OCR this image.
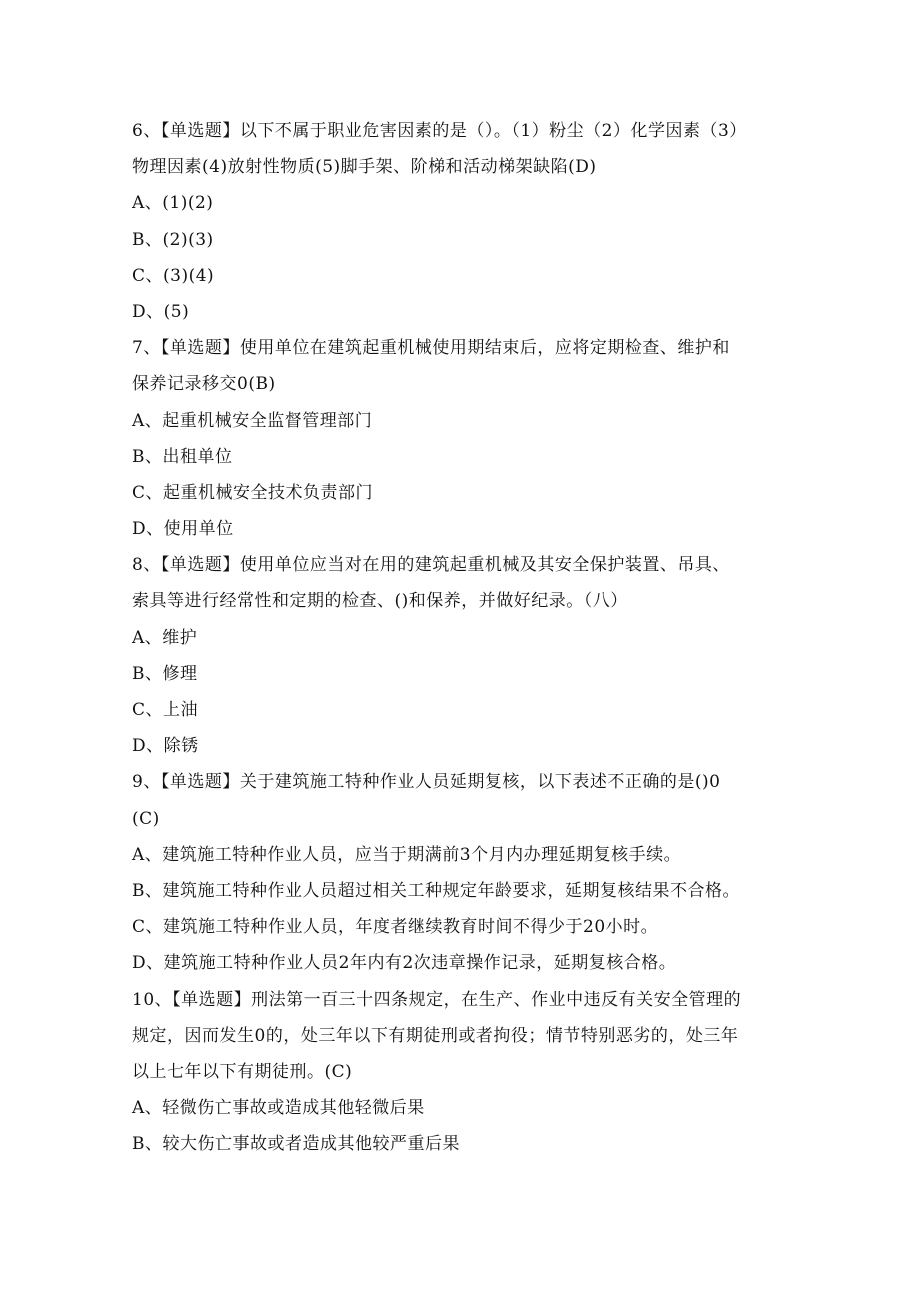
6、【单选题】以下不属于职业危害因素的是（）。（1）粉尘（2）化学因素（3）
物理因素(4)放射性物质(5)脚手架、阶梯和活动梯架缺陷(D)
A、(1)(2)
B、(2)(3)
C、(3)(4)
D、(5)
7、【单选题】使用单位在建筑起重机械使用期结束后，应将定期检查、维护和
保养记录移交0(B)
A、起重机械安全监督管理部门
B、出租单位
C、起重机械安全技术负责部门
D、使用单位
8、【单选题】使用单位应当对在用的建筑起重机械及其安全保护装置、吊具、
索具等进行经常性和定期的检查、()和保养，并做好纪录。（八）
A、维护
B、修理
C、上油
D、除锈
9、【单选题】关于建筑施工特种作业人员延期复核，以下表述不正确的是()0
(C)
A、建筑施工特种作业人员，应当于期满前3个月内办理延期复核手续。
B、建筑施工特种作业人员超过相关工种规定年龄要求，延期复核结果不合格。
C、建筑施工特种作业人员，年度者继续教育时间不得少于20小时。
D、建筑施工特种作业人员2年内有2次违章操作记录，延期复核合格。
10、【单选题】刑法第一百三十四条规定，在生产、作业中违反有关安全管理的
规定，因而发生0的，处三年以下有期徒刑或者拘役；情节特别恶劣的，处三年
以上七年以下有期徒刑。(C)
A、轻微伤亡事故或造成其他轻微后果
B、较大伤亡事故或者造成其他较严重后果
